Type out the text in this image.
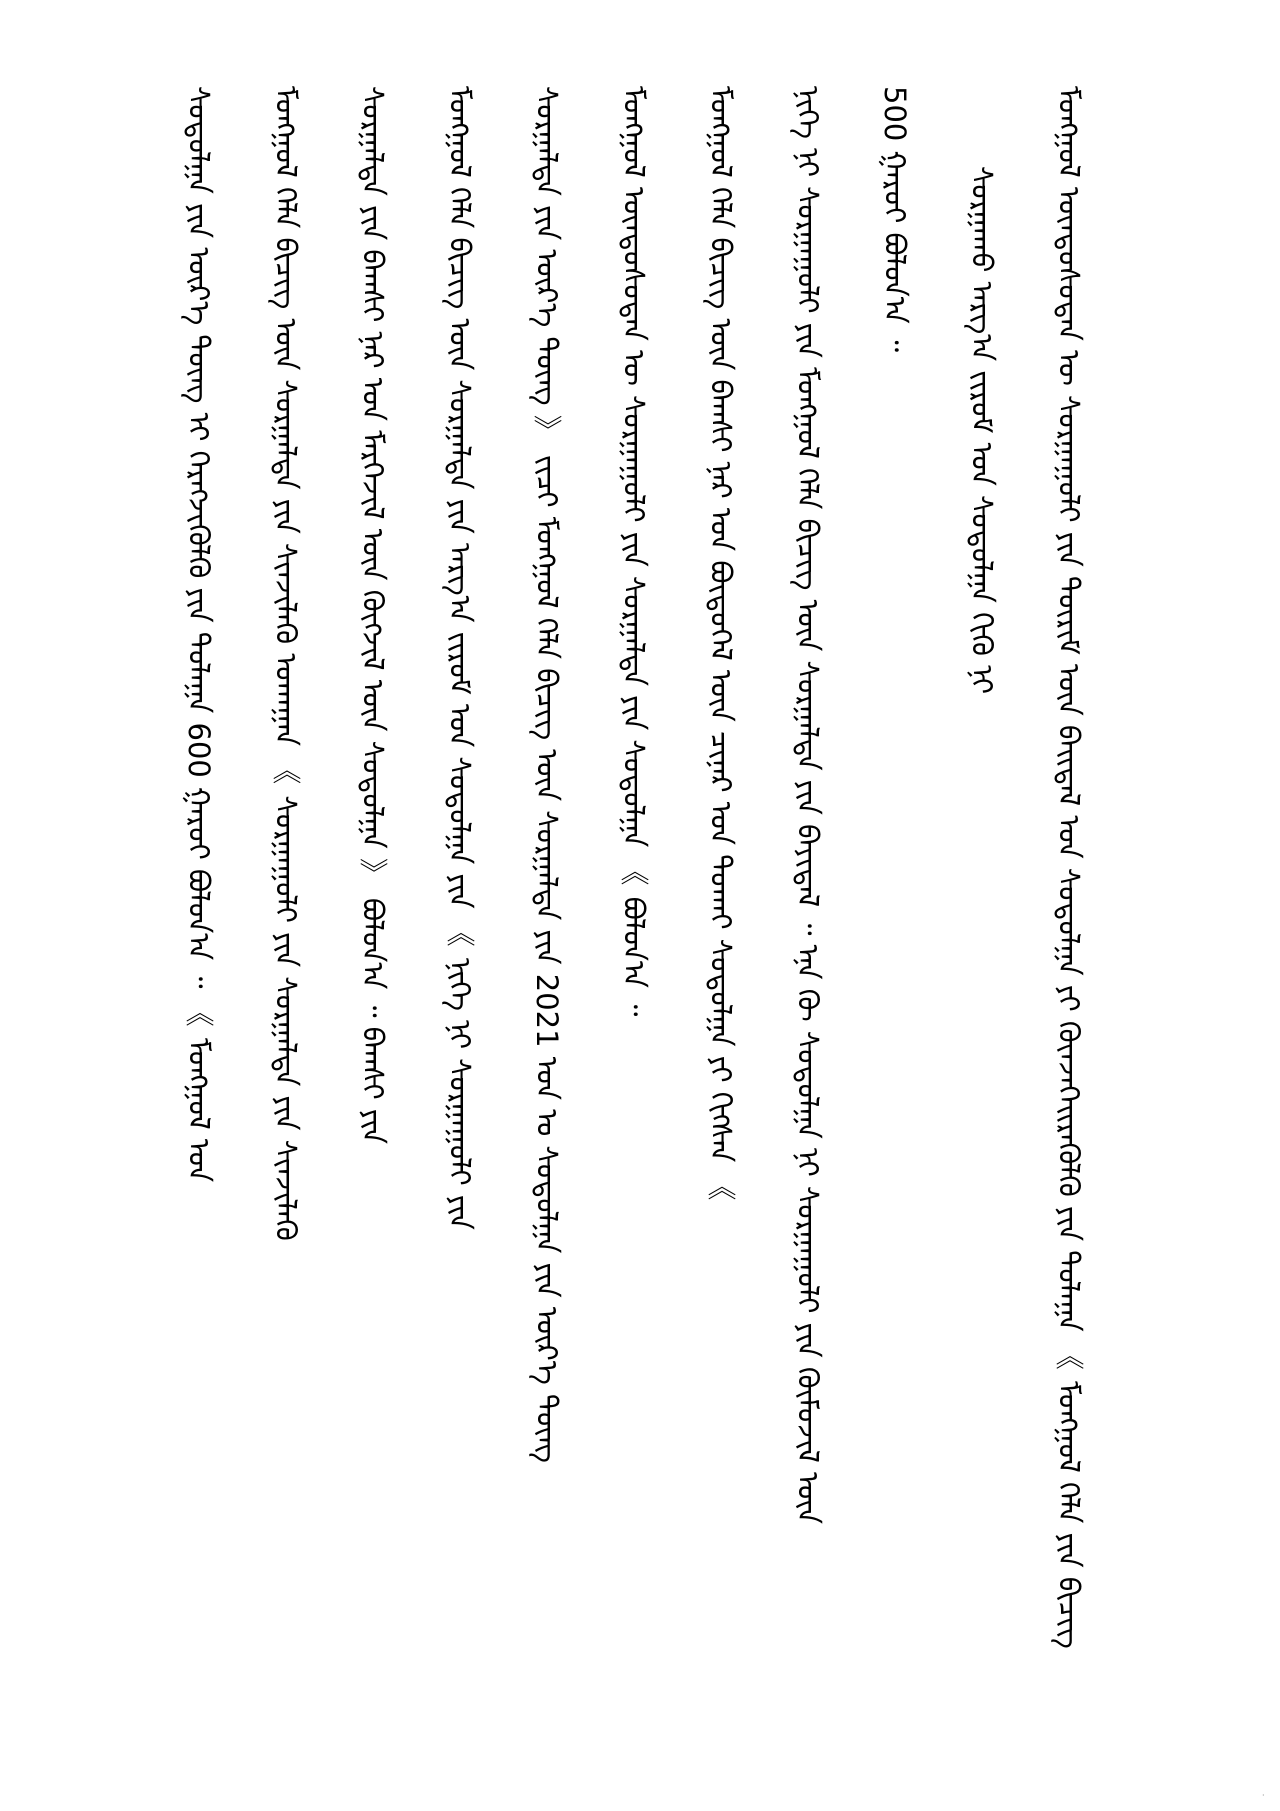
ᠮᠣᠩᠭᠣᠯ ᠦᠨᠳᠦᠰᠦᠲᠡᠨ ᠦ ᠰᠤᠷᠭᠠᠭᠤᠯᠢ ᠶᠢᠨ ᠳᠦᠷᠢᠮ ᠦᠨ ᠪᠠᠢᠳᠠᠯ ᠤᠨ ᠰᠤᠳᠤᠯᠭᠠ ᠶᠢ ᠭᠦᠨᠵᠡᠭᠡᠢᠷᠡᠭᠦᠯᠬᠦ ᠶᠢᠨ ᠲᠤᠯᠠᠭᠠ 《 ᠮᠣᠩᠭᠣᠯ ᠬᠡᠯᠡ ᠶᠢᠨ ᠪᠢᠴᠢᠭ
ᠰᠤᠷᠭᠠᠬᠤ ᠠᠷᠭ᠎ᠠ ᠵᠢᠷᠤᠮ ᠤᠨ ᠰᠤᠳᠤᠯᠭᠠ ᠬᠢᠬᠦ ᠨᠢ
500 ᠭᠠᠷᠤᠢ ᠪᠣᠯᠤᠨ᠎ᠠ ᠃
ᠨᠢᠭᠡ ᠨᠢ ᠰᠤᠷᠭᠠᠭᠤᠯᠢ ᠶᠢᠨ ᠮᠣᠩᠭᠣᠯ ᠬᠡᠯᠡ ᠪᠢᠴᠢᠭ ᠦᠨ ᠰᠤᠷᠭᠠᠯᠲᠠ ᠶᠢᠨ ᠪᠠᠶᠢᠳᠠᠯ ᠃ ᠡᠨᠡ ᠬᠦ ᠰᠤᠳᠤᠯᠭᠠ ᠨᠢ ᠰᠤᠷᠭᠠᠭᠤᠯᠢ ᠶᠢᠨ ᠬᠥᠮᠦᠵᠢᠯ ᠦᠨ
ᠮᠣᠩᠭᠣᠯ ᠬᠡᠯᠡ ᠪᠢᠴᠢᠭ ᠦᠨ ᠪᠠᠭᠰᠢ ᠨᠠᠷ ᠤᠨ ᠪᠦᠲᠦᠭᠡᠯ ᠦᠨ ᠴᠢᠨᠠᠷ ᠤᠨ ᠲᠤᠬᠠᠢ ᠰᠤᠳᠤᠯᠭᠠ ᠶᠢ ᠬᠢᠭᠰᠡᠨ 《
ᠮᠣᠩᠭᠣᠯ ᠦᠨᠳᠦᠰᠦᠲᠡᠨ ᠦ ᠰᠤᠷᠭᠠᠭᠤᠯᠢ ᠶᠢᠨ ᠰᠤᠷᠭᠠᠯᠲᠠ ᠶᠢᠨ ᠰᠤᠳᠤᠯᠭᠠ 《 ᠪᠣᠯᠤᠨ᠎ᠠ ᠃
ᠰᠤᠷᠭᠠᠯᠲᠠ ᠶᠢᠨ ᠦᠷ᠎ᠡ ᠳᠦᠩ 》 ᠵᠢᠴᠢ ᠮᠣᠩᠭᠣᠯ ᠬᠡᠯᠡ ᠪᠢᠴᠢᠭ ᠦᠨ ᠰᠤᠷᠭᠠᠯᠲᠠ ᠶᠢᠨ 2021 ᠣᠨ ᠤ ᠰᠤᠳᠤᠯᠭᠠ ᠶᠢᠨ ᠦᠷ᠎ᠡ ᠳᠦᠩ
ᠮᠣᠩᠭᠣᠯ ᠬᠡᠯᠡ ᠪᠢᠴᠢᠭ ᠦᠨ ᠰᠤᠷᠭᠠᠯᠲᠠ ᠶᠢᠨ ᠠᠷᠭ᠎ᠠ ᠵᠢᠷᠤᠮ ᠤᠨ ᠰᠤᠳᠤᠯᠭᠠ ᠶᠢᠨ 《 ᠨᠢᠭᠡ ᠨᠢ ᠰᠤᠷᠭᠠᠭᠤᠯᠢ ᠶᠢᠨ
ᠰᠤᠷᠭᠠᠯᠲᠠ ᠶᠢᠨ ᠪᠠᠭᠰᠢ ᠨᠠᠷ ᠤᠨ ᠮᠡᠷᠭᠡᠵᠢᠯ ᠦᠨ ᠬᠥᠭᠵᠢᠯ ᠦᠨ ᠰᠤᠳᠤᠯᠭᠠ 》 ᠪᠣᠯᠤᠨ᠎ᠠ ᠃ ᠪᠠᠭᠰᠢ ᠶᠢᠨ
ᠮᠣᠩᠭᠣᠯ ᠬᠡᠯᠡ ᠪᠢᠴᠢᠭ ᠦᠨ ᠰᠤᠷᠭᠠᠯᠲᠠ ᠶᠢᠨ ᠰᠢᠨᠵᠢᠯᠡᠬᠦ ᠤᠬᠠᠭᠠᠨ 《 ᠰᠤᠷᠭᠠᠭᠤᠯᠢ ᠶᠢᠨ ᠰᠤᠷᠭᠠᠯᠲᠠ ᠶᠢᠨ ᠰᠢᠨᠵᠢᠯᠡᠬᠦ
ᠰᠤᠳᠤᠯᠭᠠ ᠶᠢᠨ ᠦᠷ᠎ᠡ ᠳᠦᠩ ᠢ ᠬᠡᠷᠡᠭᠵᠢᠭᠦᠯᠬᠦ ᠶᠢᠨ ᠲᠤᠯᠠᠭᠠ 600 ᠭᠠᠷᠤᠢ ᠪᠣᠯᠤᠨ᠎ᠠ ᠃ 《 ᠮᠣᠩᠭᠣᠯ ᠤᠨ
·
